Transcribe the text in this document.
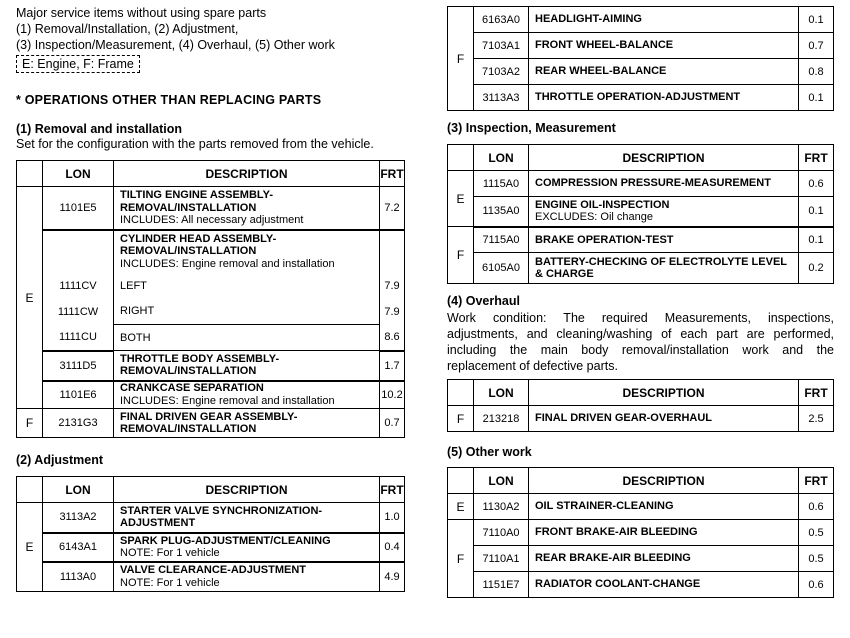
Major service items without using spare parts
(1) Removal/Installation, (2) Adjustment,
(3) Inspection/Measurement, (4) Overhaul, (5) Other work
E: Engine, F: Frame
* OPERATIONS OTHER THAN REPLACING PARTS
(1) Removal and installation
Set for the configuration with the parts removed from the vehicle.
	LON	DESCRIPTION	FRT
E	1101E5	TILTING ENGINE ASSEMBLY-REMOVAL/INSTALLATION
INCLUDES: All necessary adjustment	7.2

		CYLINDER HEAD ASSEMBLY-REMOVAL/INSTALLATION
INCLUDES: Engine removal and installation	

	1111CV	LEFT	7.9
	1111CW	RIGHT	7.9
	1111CU	BOTH	8.6
	3111D5	THROTTLE BODY ASSEMBLY-REMOVAL/INSTALLATION	1.7
	1101E6	CRANKCASE SEPARATION
INCLUDES: Engine removal and installation	10.2
F	2131G3	FINAL DRIVEN GEAR ASSEMBLY-REMOVAL/INSTALLATION	0.7
(2) Adjustment
	LON	DESCRIPTION	FRT
E	3113A2	STARTER VALVE SYNCHRONIZATION-ADJUSTMENT	1.0
	6143A1	SPARK PLUG-ADJUSTMENT/CLEANING
NOTE: For 1 vehicle	0.4
	1113A0	VALVE CLEARANCE-ADJUSTMENT
NOTE: For 1 vehicle	4.9
F	6163A0	HEADLIGHT-AIMING	0.1
	7103A1	FRONT WHEEL-BALANCE	0.7
	7103A2	REAR WHEEL-BALANCE	0.8
	3113A3	THROTTLE OPERATION-ADJUSTMENT	0.1
(3) Inspection, Measurement
	LON	DESCRIPTION	FRT
E	1115A0	COMPRESSION PRESSURE-MEASUREMENT	0.6
	1135A0	ENGINE OIL-INSPECTION
EXCLUDES: Oil change	0.1
F	7115A0	BRAKE OPERATION-TEST	0.1
	6105A0	BATTERY-CHECKING OF ELECTROLYTE LEVEL & CHARGE	0.2
(4) Overhaul
Work condition: The required Measurements, inspections, adjustments, and cleaning/washing of each part are performed, including the main body removal/installation work and the replacement of defective parts.
	LON	DESCRIPTION	FRT
F	213218	FINAL DRIVEN GEAR-OVERHAUL	2.5
(5) Other work
	LON	DESCRIPTION	FRT
E	1130A2	OIL STRAINER-CLEANING	0.6
F	7110A0	FRONT BRAKE-AIR BLEEDING	0.5
	7110A1	REAR BRAKE-AIR BLEEDING	0.5
	1151E7	RADIATOR COOLANT-CHANGE	0.6
